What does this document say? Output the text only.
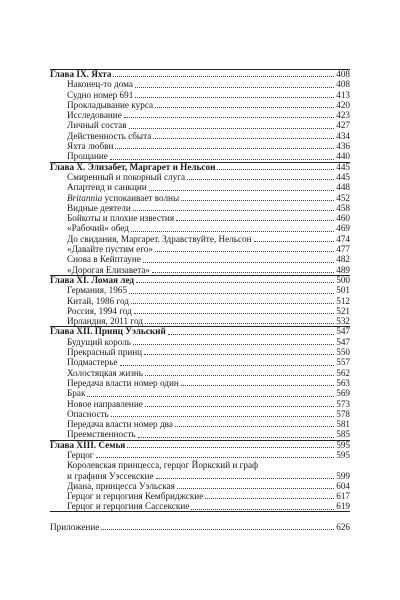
Глава IX. Яхта	408
Наконец-то дома	408
Судно номер 691	413
Прокладывание курса	420
Исследование	423
Личный состав	427
Действенность сбыта	434
Яхта любви	436
Прощание	440
Глава X. Элизабет, Маргарет и Нельсон	445
Смиренный и покорный слуга	445
Апартеид и санкции	448
Britannia успокаивает волны	452
Видные деятели	458
Бойкоты и плохие известия	460
«Рабочий» обед	469
До свидания, Маргарет. Здравствуйте, Нельсон	474
«Давайте пустим его»	477
Снова в Кейптауне	482
«Дорогая Елизавета»	489
Глава XI. Ломая лед	500
Германия, 1965	501
Китай, 1986 год	512
Россия, 1994 год	521
Ирландия, 2011 год	532
Глава XII. Принц Уэльский	547
Будущий король	547
Прекрасный принц	550
Подмастерье	557
Холостяцкая жизнь	562
Передача власти номер один	563
Брак	569
Новое направление	573
Опасность	578
Передача власти номер два	581
Преемственность	585
Глава XIII. Семья	595
Герцог	595
Королевская принцесса, герцог Йоркский и граф
и графиня Уэссекские	599
Диана, принцесса Уэльская	604
Герцог и герцогиня Кембриджские	617
Герцог и герцогиня Сассекские	619
Приложение	626
